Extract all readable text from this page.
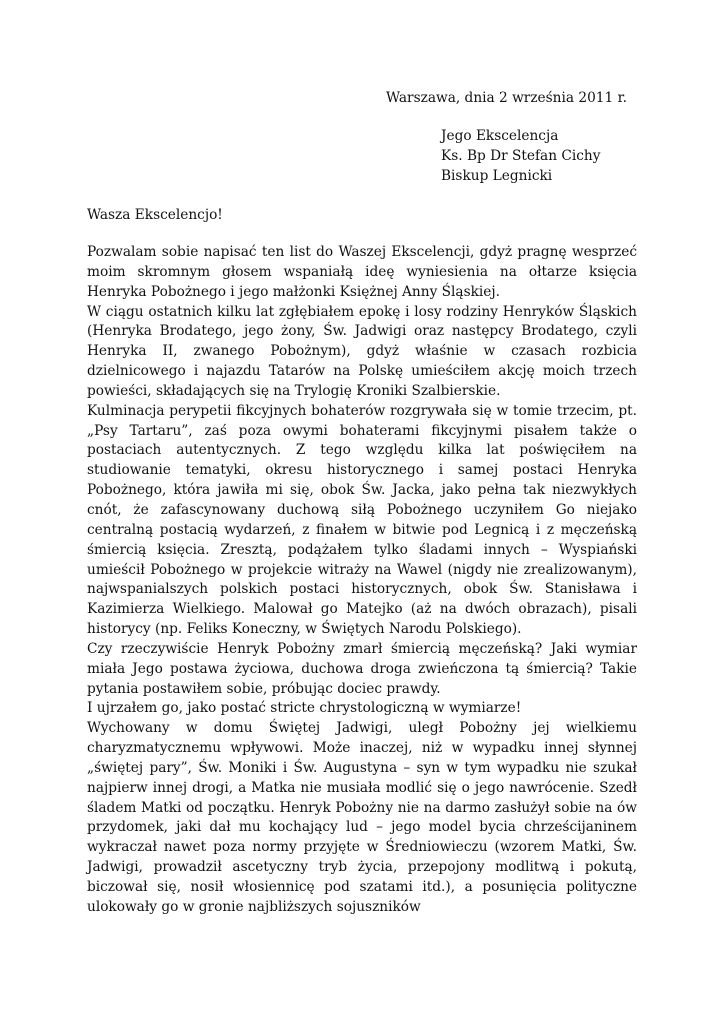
Warszawa, dnia 2 września 2011 r.
Jego Ekscelencja
Ks. Bp Dr Stefan Cichy
Biskup Legnicki
Wasza Ekscelencjo!

Pozwalam sobie napisać ten list do Waszej Ekscelencji, gdyż pragnę wesprzeć moim skromnym głosem wspaniałą ideę wyniesienia na ołtarze księcia Henryka Pobożnego i jego małżonki Księżnej Anny Śląskiej.

W ciągu ostatnich kilku lat zgłębiałem epokę i losy rodziny Henryków Śląskich (Henryka Brodatego, jego żony, Św. Jadwigi oraz następcy Brodatego, czyli Henryka II, zwanego Pobożnym), gdyż właśnie w czasach rozbicia dzielnicowego i najazdu Tatarów na Polskę umieściłem akcję moich trzech powieści, składających się na Trylogię Kroniki Szalbierskie.

Kulminacja perypetii fikcyjnych bohaterów rozgrywała się w tomie trzecim, pt. „Psy Tartaru”, zaś poza owymi bohaterami fikcyjnymi pisałem także o postaciach autentycznych. Z tego względu kilka lat poświęciłem na studiowanie tematyki, okresu historycznego i samej postaci Henryka Pobożnego, która jawiła mi się, obok Św. Jacka, jako pełna tak niezwykłych cnót, że zafascynowany duchową siłą Pobożnego uczyniłem Go niejako centralną postacią wydarzeń, z finałem w bitwie pod Legnicą i z męczeńską śmiercią księcia. Zresztą, podążałem tylko śladami innych – Wyspiański umieścił Pobożnego w projekcie witraży na Wawel (nigdy nie zrealizowanym), najwspanialszych polskich postaci historycznych, obok Św. Stanisława i Kazimierza Wielkiego. Malował go Matejko (aż na dwóch obrazach), pisali historycy (np. Feliks Koneczny, w Świętych Narodu Polskiego).

Czy rzeczywiście Henryk Pobożny zmarł śmiercią męczeńską? Jaki wymiar miała Jego postawa życiowa, duchowa droga zwieńczona tą śmiercią? Takie pytania postawiłem sobie, próbując dociec prawdy.

I ujrzałem go, jako postać stricte chrystologiczną w wymiarze!

Wychowany w domu Świętej Jadwigi, uległ Pobożny jej wielkiemu charyzmatycznemu wpływowi. Może inaczej, niż w wypadku innej słynnej „świętej pary”, Św. Moniki i Św. Augustyna – syn w tym wypadku nie szukał najpierw innej drogi, a Matka nie musiała modlić się o jego nawrócenie. Szedł śladem Matki od początku. Henryk Pobożny nie na darmo zasłużył sobie na ów przydomek, jaki dał mu kochający lud – jego model bycia chrześcijaninem wykraczał nawet poza normy przyjęte w Średniowieczu (wzorem Matki, Św. Jadwigi, prowadził ascetyczny tryb życia, przepojony modlitwą i pokutą, biczował się, nosił włosiennicę pod szatami itd.), a posunięcia polityczne ulokowały go w gronie najbliższych sojuszników
